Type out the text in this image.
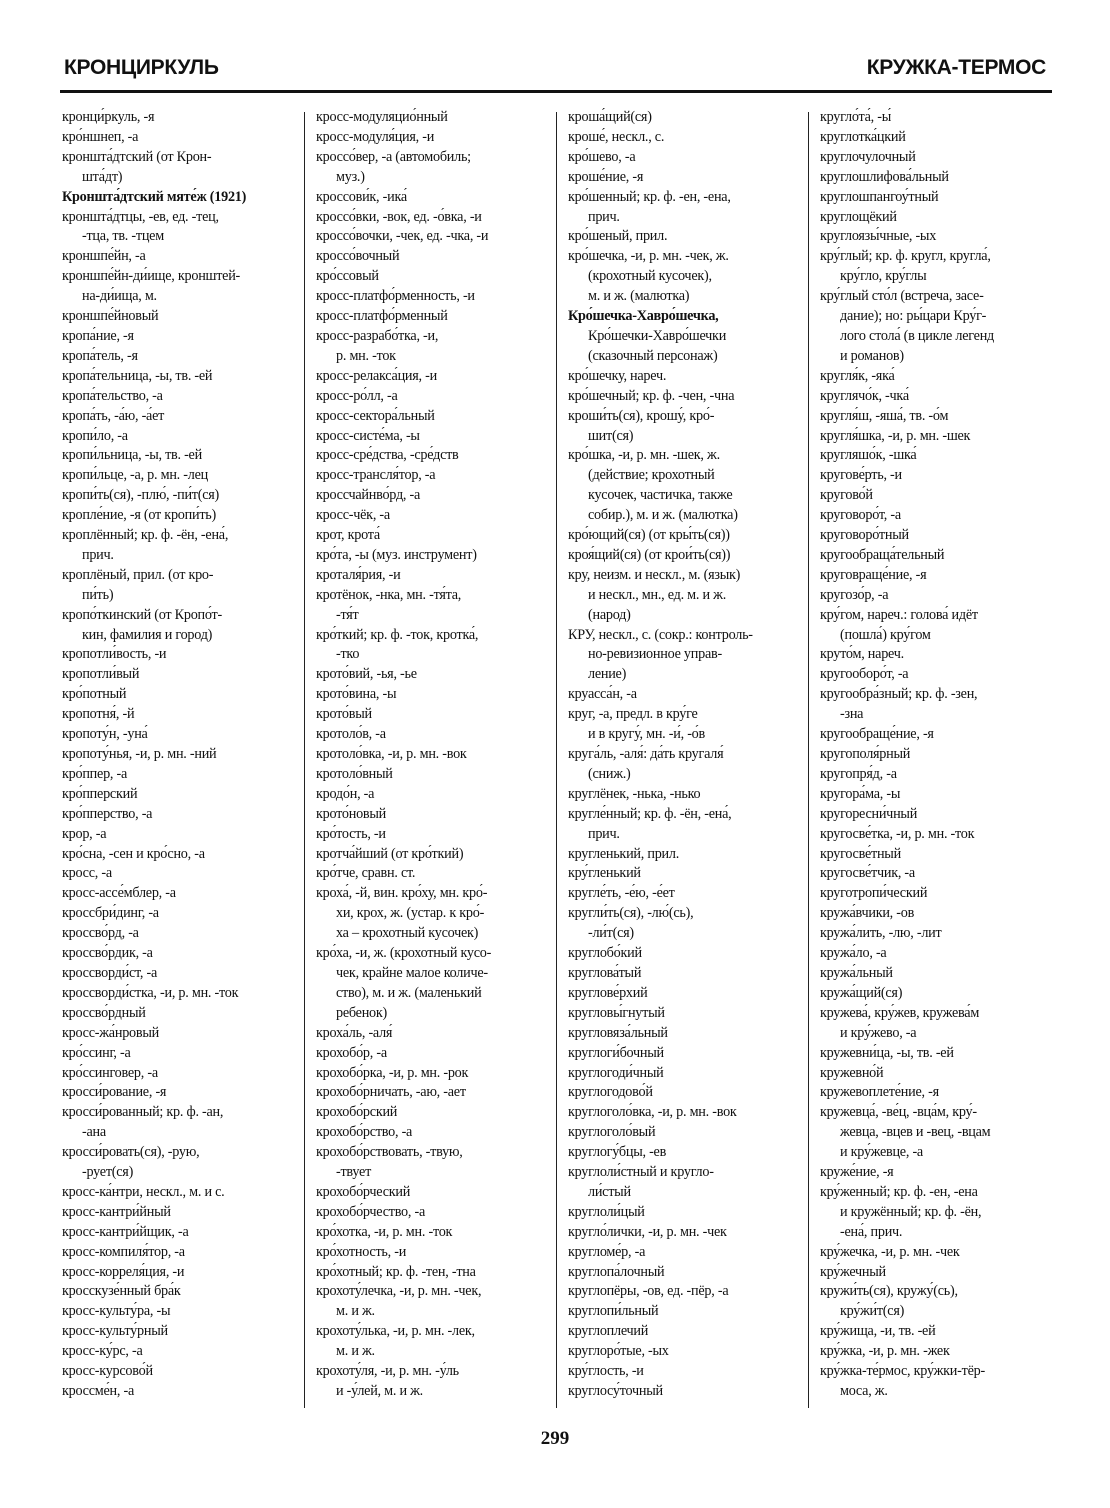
КРОНЦИРКУЛЬ	КРУЖКА-ТЕРМОС
кронци́ркуль, -я
кро́ншнеп, -а
кроншта́дтский (от Крон-
шта́дт)
Кроншта́дтский мяте́ж (1921)
кроншта́дтцы, -ев, ед. -тец,
-тца, тв. -тцем
кроншпе́йн, -а
кроншпе́йн-ди́ище, кронштей-
на-ди́ища, м.
кроншпе́йновый
кропа́ние, -я
кропа́тель, -я
кропа́тельница, -ы, тв. -ей
кропа́тельство, -а
кропа́ть, -а́ю, -а́ет
кропи́ло, -а
кропи́льница, -ы, тв. -ей
кропи́льце, -а, р. мн. -лец
кропи́ть(ся), -плю́, -пи́т(ся)
кропле́ние, -я (от кропи́ть)
кроплённый; кр. ф. -ён, -ена́,
прич.
кроплёный, прил. (от кро-
пи́ть)
кропо́ткинский (от Кропо́т-
кин, фамилия и город)
кропотли́вость, -и
кропотли́вый
кро́потный
кропотня́, -й
кропоту́н, -уна́
кропоту́нья, -и, р. мн. -ний
кро́ппер, -а
кро́пперский
кро́пперство, -а
крор, -а
кро́сна, -сен и кро́сно, -а
кросс, -а
кросс-ассе́мблер, -а
кроссбри́динг, -а
кроссво́рд, -а
кроссво́рдик, -а
кроссворди́ст, -а
кроссворди́стка, -и, р. мн. -ток
кроссво́рдный
кросс-жа́нровый
кро́ссинг, -а
кро́ссинговер, -а
кросси́рование, -я
кросси́рованный; кр. ф. -ан,
-ана
кросси́ровать(ся), -рую,
-рует(ся)
кросс-ка́нтри, нескл., м. и с.
кросс-кантри́йный
кросс-кантри́йщик, -а
кросс-компиля́тор, -а
кросс-корреля́ция, -и
кросскузе́нный бра́к
кросс-культу́ра, -ы
кросс-культу́рный
кросс-ку́рс, -а
кросс-курсово́й
кроссме́н, -а
кросс-модуляцио́нный
кросс-модуля́ция, -и
кроссо́вер, -а (автомобиль;
муз.)
кроссови́к, -ика́
кроссо́вки, -вок, ед. -о́вка, -и
кроссо́вочки, -чек, ед. -чка, -и
кроссо́вочный
кро́ссовый
кросс-платфо́рменность, -и
кросс-платфо́рменный
кросс-разрабо́тка, -и,
р. мн. -ток
кросс-релакса́ция, -и
кросс-ро́лл, -а
кросс-сектора́льный
кросс-систе́ма, -ы
кросс-сре́дства, -сре́дств
кросс-трансля́тор, -а
кроссчайнво́рд, -а
кросс-чёк, -а
крот, крота́
кро́та, -ы (муз. инструмент)
кроталя́рия, -и
кротёнок, -нка, мн. -тя́та,
-тя́т
кро́ткий; кр. ф. -ток, кротка́,
-тко
крото́вий, -ья, -ье
крото́вина, -ы
крото́вый
кротоло́в, -а
кротоло́вка, -и, р. мн. -вок
кротоло́вный
кродо́н, -а
крото́новый
кро́тость, -и
кротча́йший (от кро́ткий)
кро́тче, сравн. ст.
кроха́, -й, вин. кро́ху, мн. кро́-
хи, крох, ж. (устар. к кро́-
ха – крохотный кусочек)
кро́ха, -и, ж. (крохотный кусо-
чек, крайне малое количе-
ство), м. и ж. (маленький
ребенок)
кроха́ль, -аля́
крохобо́р, -а
крохобо́рка, -и, р. мн. -рок
крохобо́рничать, -аю, -ает
крохобо́рский
крохобо́рство, -а
крохобо́рствовать, -твую,
-твует
крохобо́рческий
крохобо́рчество, -а
кро́хотка, -и, р. мн. -ток
кро́хотность, -и
кро́хотный; кр. ф. -тен, -тна
крохоту́лечка, -и, р. мн. -чек,
м. и ж.
крохоту́лька, -и, р. мн. -лек,
м. и ж.
крохоту́ля, -и, р. мн. -у́ль
и -у́лей, м. и ж.
кроша́щий(ся)
кроше́, нескл., с.
кро́шево, -а
кроше́ние, -я
кро́шенный; кр. ф. -ен, -ена,
прич.
кро́шеный, прил.
кро́шечка, -и, р. мн. -чек, ж.
(крохотный кусочек),
м. и ж. (малютка)
Кро́шечка-Хавро́шечка,
Кро́шечки-Хавро́шечки
(сказочный персонаж)
кро́шечку, нареч.
кро́шечный; кр. ф. -чен, -чна
кроши́ть(ся), крошу́, кро́-
шит(ся)
кро́шка, -и, р. мн. -шек, ж.
(действие; крохотный
кусочек, частичка, также
собир.), м. и ж. (малютка)
кро́ющий(ся) (от кры́ть(ся))
кроя́щий(ся) (от крои́ть(ся))
кру, неизм. и нескл., м. (язык)
и нескл., мн., ед. м. и ж.
(народ)
КРУ, нескл., с. (сокр.: контроль-
но-ревизионное управ-
ление)
круасса́н, -а
круг, -а, предл. в кру́ге
и в кругу́, мн. -и́, -о́в
круга́ль, -аля́: да́ть кругаля́
(сниж.)
круглёнек, -нька, -нько
кругле́нный; кр. ф. -ён, -ена́,
прич.
кругленький, прил.
кру́гленький
кругле́ть, -е́ю, -е́ет
кругли́ть(ся), -лю́(сь),
-ли́т(ся)
круглобо́кий
круглова́тый
круглове́рхий
кругловы́гнутый
кругловяза́льный
круглоги́бочный
круглогоди́чный
круглогодово́й
круглоголо́вка, -и, р. мн. -вок
круглоголо́вый
круглогу́бцы, -ев
круглоли́стный и кругло-
ли́стый
круглоли́цый
кругло́лички, -и, р. мн. -чек
кругломе́р, -а
круглопа́лочный
круглопёры, -ов, ед. -пёр, -а
круглопи́льный
круглоплечий
круглоро́тые, -ых
кру́глость, -и
круглосу́точный
кругло́та́, -ы́
круглотка́цкий
круглочулочный
круглошлифова́льный
круглошпангоу́тный
круглощёкий
круглоязы́чные, -ых
кру́глый; кр. ф. кругл, кругла́,
кру́гло, кру́глы
кру́глый сто́л (встреча, засе-
дание); но: ры́цари Кру́г-
лого стола́ (в цикле легенд
и романов)
кругля́к, -яка́
круглячо́к, -чка́
кругля́ш, -яша́, тв. -о́м
кругля́шка, -и, р. мн. -шек
кругляшо́к, -шка́
кругове́рть, -и
кругово́й
круговоро́т, -а
круговоро́тный
кругообраща́тельный
круговраще́ние, -я
кругозо́р, -а
кру́гом, нареч.: голова́ идёт
(пошла́) кру́гом
круто́м, нареч.
кругооборо́т, -а
кругообра́зный; кр. ф. -зен,
-зна
кругообраще́ние, -я
кругополя́рный
кругопря́д, -а
кругора́ма, -ы
кругоресни́чный
кругосве́тка, -и, р. мн. -ток
кругосве́тный
кругосве́тчик, -а
круготропи́ческий
кружа́вчики, -ов
кружа́лить, -лю, -лит
кружа́ло, -а
кружа́льный
кружа́щий(ся)
кружева́, кру́жев, кружева́м
и кру́жево, -а
кружевни́ца, -ы, тв. -ей
кружевно́й
кружевоплете́ние, -я
кружевца́, -ве́ц, -вца́м, кру́-
жевца, -вцев и -вец, -вцам
и кру́жевце, -а
круже́ние, -я
кру́женный; кр. ф. -ен, -ена
и кружённый; кр. ф. -ён,
-ена́, прич.
кру́жечка, -и, р. мн. -чек
кру́жечный
кружи́ть(ся), кружу́(сь),
кру́жи́т(ся)
кру́жища, -и, тв. -ей
кру́жка, -и, р. мн. -жек
кру́жка-те́рмос, кру́жки-тёр-
моса, ж.
299
